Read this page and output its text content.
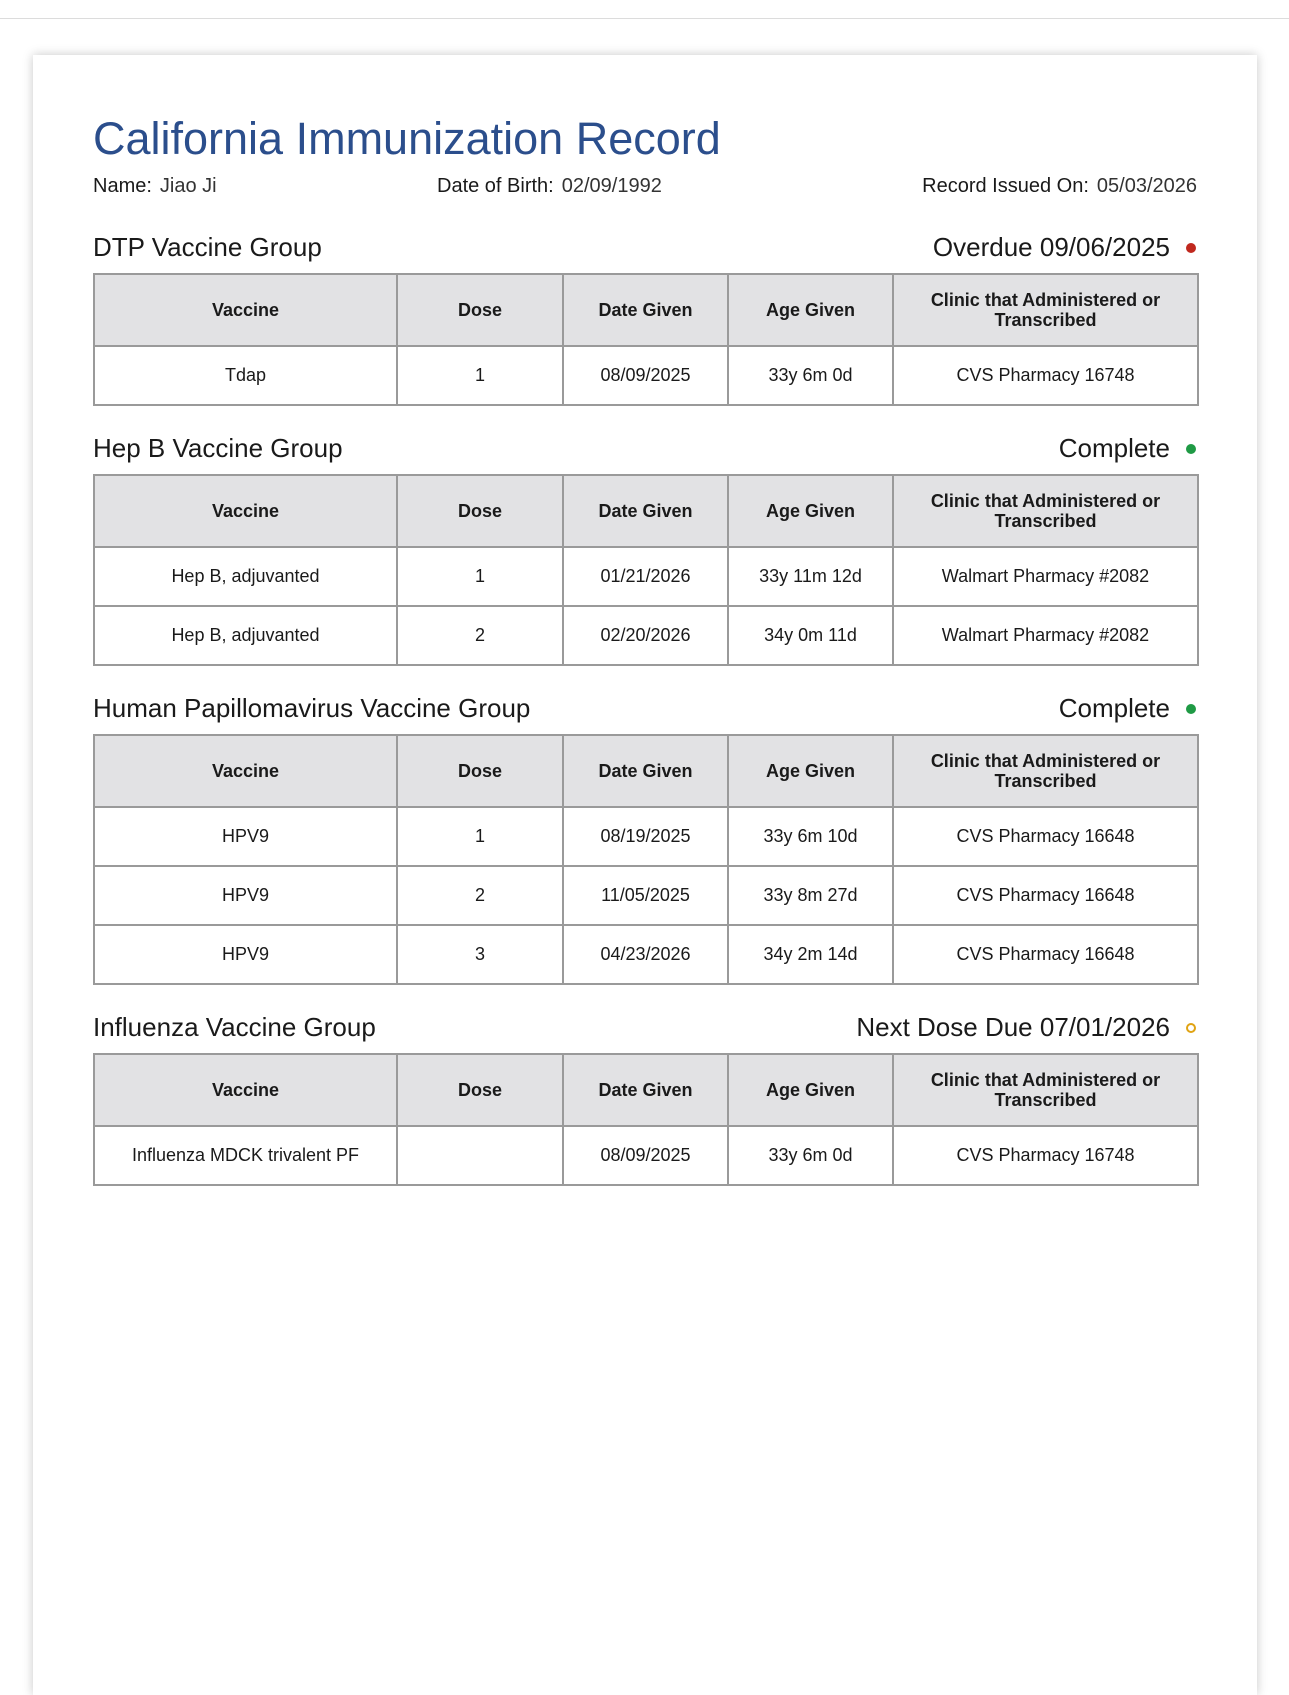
California Immunization Record
Name: Jiao Ji	Date of Birth: 02/09/1992	Record Issued On: 05/03/2026
DTP Vaccine Group	Overdue 09/06/2025
Vaccine	Dose	Date Given	Age Given	Clinic that Administered or Transcribed
Tdap	1	08/09/2025	33y 6m 0d	CVS Pharmacy 16748
Hep B Vaccine Group	Complete
Vaccine	Dose	Date Given	Age Given	Clinic that Administered or Transcribed
Hep B, adjuvanted	1	01/21/2026	33y 11m 12d	Walmart Pharmacy #2082
Hep B, adjuvanted	2	02/20/2026	34y 0m 11d	Walmart Pharmacy #2082
Human Papillomavirus Vaccine Group	Complete
Vaccine	Dose	Date Given	Age Given	Clinic that Administered or Transcribed
HPV9	1	08/19/2025	33y 6m 10d	CVS Pharmacy 16648
HPV9	2	11/05/2025	33y 8m 27d	CVS Pharmacy 16648
HPV9	3	04/23/2026	34y 2m 14d	CVS Pharmacy 16648
Influenza Vaccine Group	Next Dose Due 07/01/2026
Vaccine	Dose	Date Given	Age Given	Clinic that Administered or Transcribed
Influenza MDCK trivalent PF		08/09/2025	33y 6m 0d	CVS Pharmacy 16748
